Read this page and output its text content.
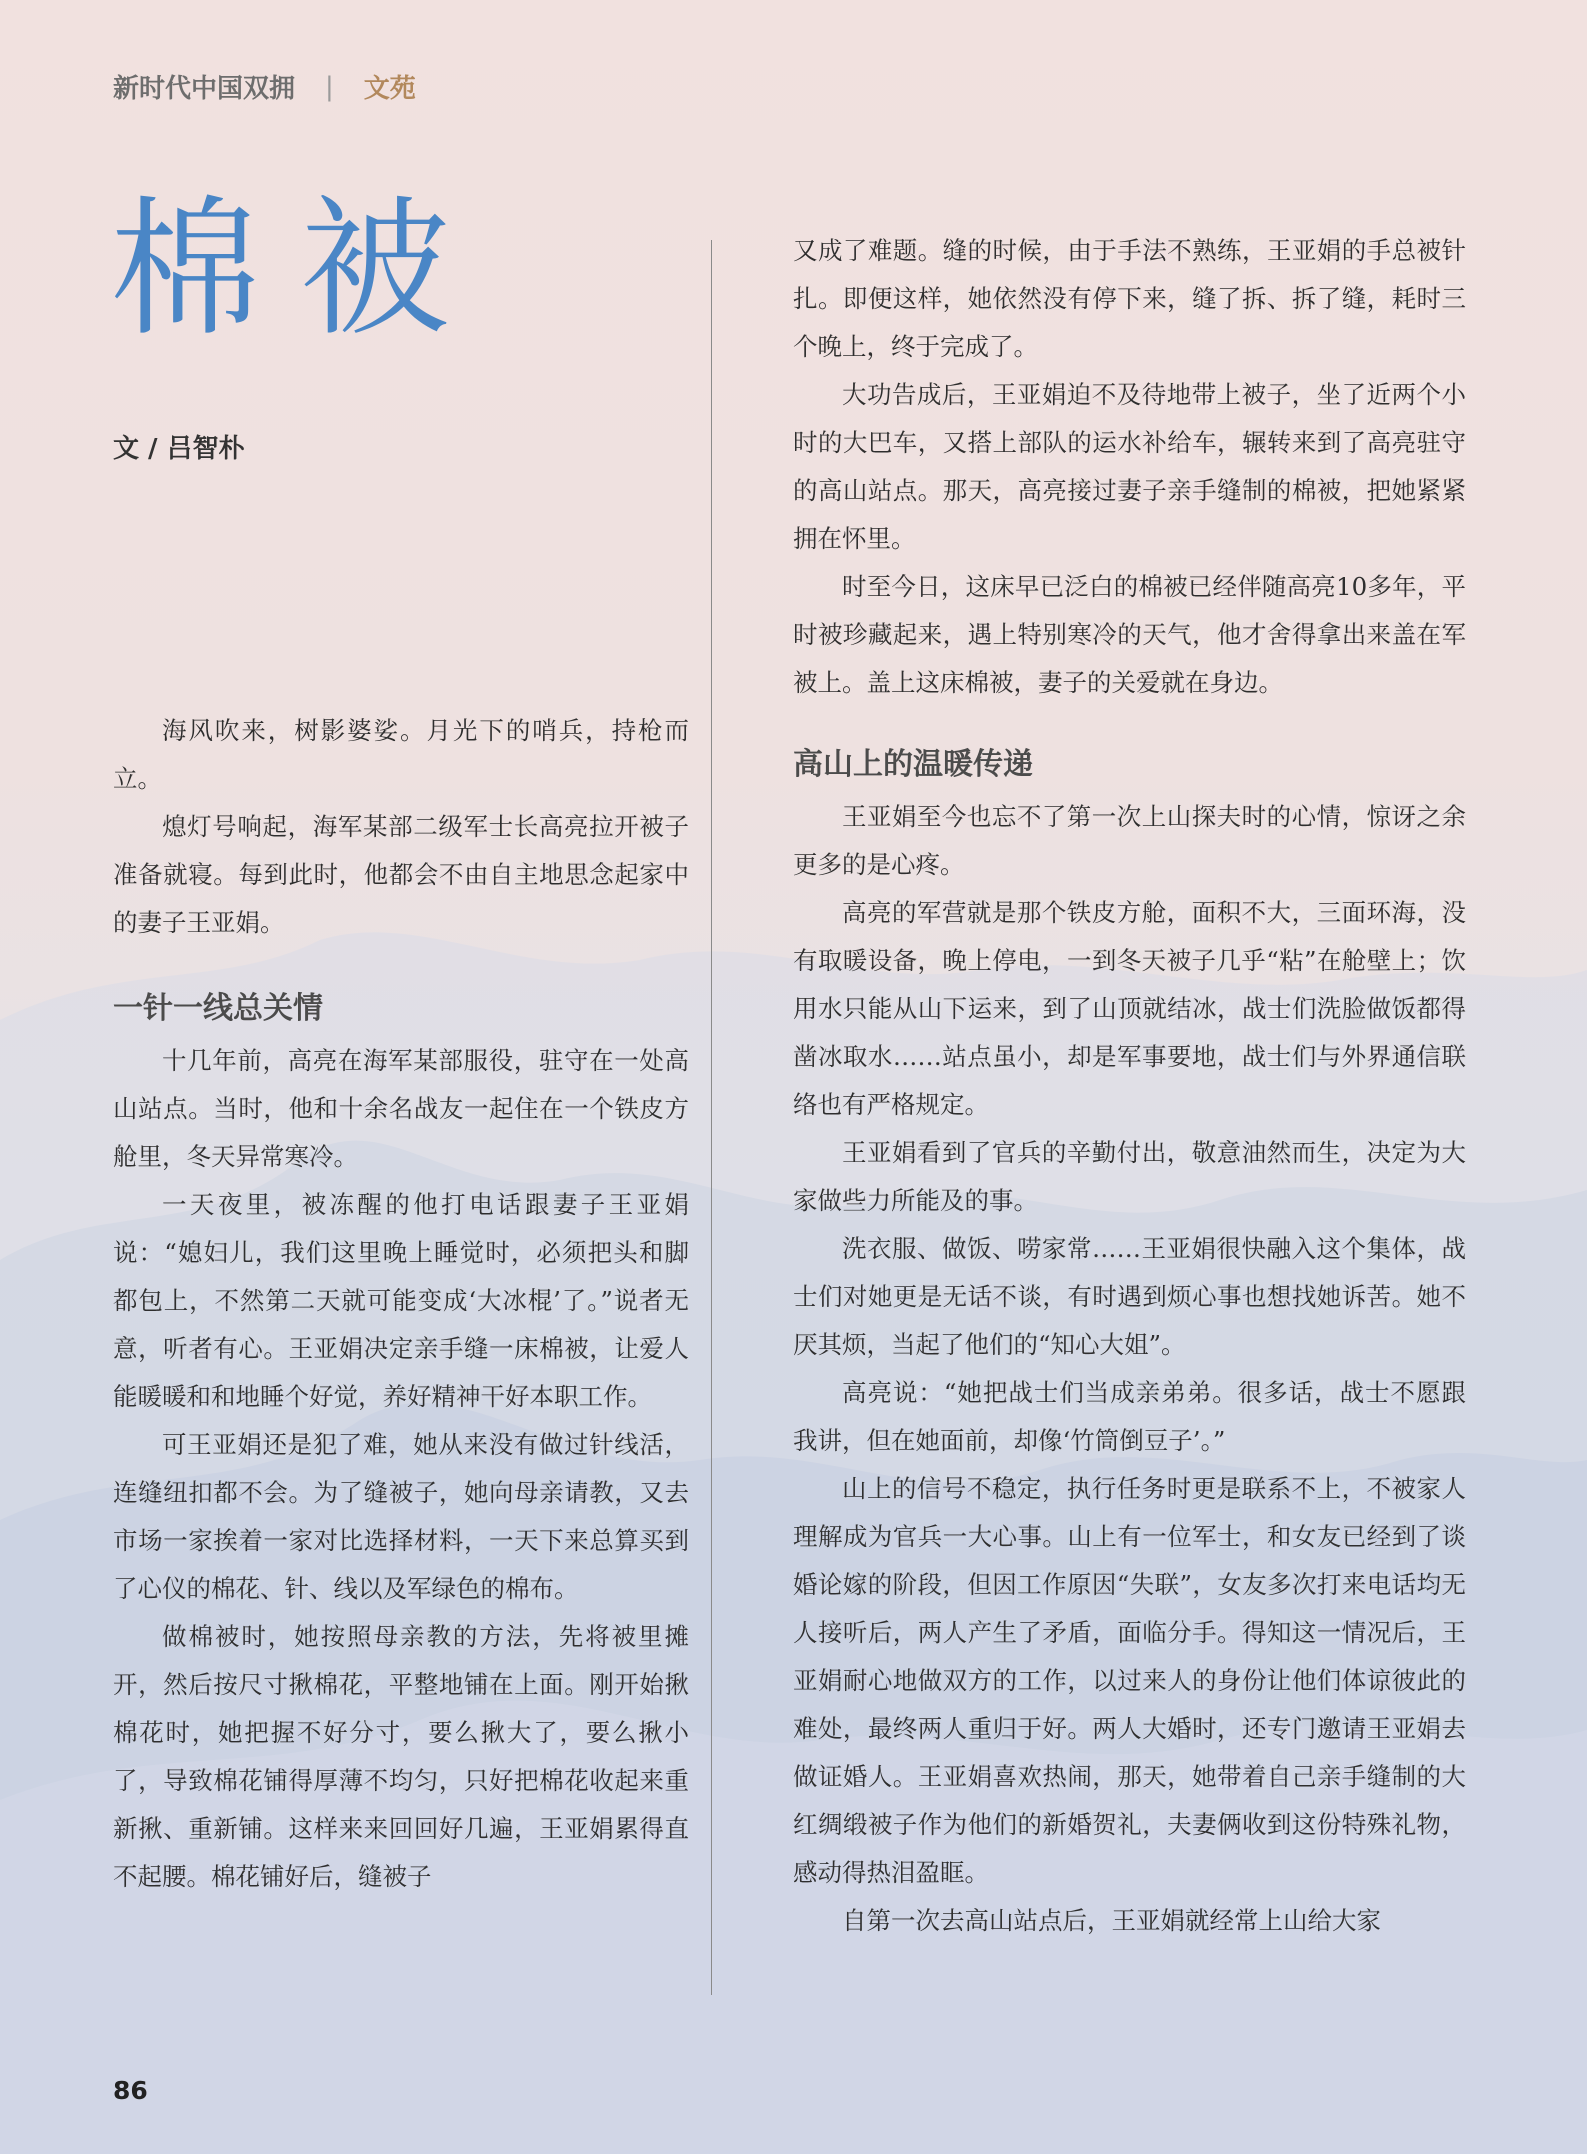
新时代中国双拥 | 文苑
棉被
文 / 吕智朴

海风吹来，树影婆娑。月光下的哨兵，持枪而立。

熄灯号响起，海军某部二级军士长高亮拉开被子准备就寝。每到此时，他都会不由自主地思念起家中的妻子王亚娟。

一针一线总关情

十几年前，高亮在海军某部服役，驻守在一处高山站点。当时，他和十余名战友一起住在一个铁皮方舱里，冬天异常寒冷。

一天夜里，被冻醒的他打电话跟妻子王亚娟说：“媳妇儿，我们这里晚上睡觉时，必须把头和脚都包上，不然第二天就可能变成‘大冰棍’了。”说者无意，听者有心。王亚娟决定亲手缝一床棉被，让爱人能暖暖和和地睡个好觉，养好精神干好本职工作。

可王亚娟还是犯了难，她从来没有做过针线活，连缝纽扣都不会。为了缝被子，她向母亲请教，又去市场一家挨着一家对比选择材料，一天下来总算买到了心仪的棉花、针、线以及军绿色的棉布。

做棉被时，她按照母亲教的方法，先将被里摊开，然后按尺寸揪棉花，平整地铺在上面。刚开始揪棉花时，她把握不好分寸，要么揪大了，要么揪小了，导致棉花铺得厚薄不均匀，只好把棉花收起来重新揪、重新铺。这样来来回回好几遍，王亚娟累得直不起腰。棉花铺好后，缝被子

又成了难题。缝的时候，由于手法不熟练，王亚娟的手总被针扎。即便这样，她依然没有停下来，缝了拆、拆了缝，耗时三个晚上，终于完成了。

大功告成后，王亚娟迫不及待地带上被子，坐了近两个小时的大巴车，又搭上部队的运水补给车，辗转来到了高亮驻守的高山站点。那天，高亮接过妻子亲手缝制的棉被，把她紧紧拥在怀里。

时至今日，这床早已泛白的棉被已经伴随高亮10多年，平时被珍藏起来，遇上特别寒冷的天气，他才舍得拿出来盖在军被上。盖上这床棉被，妻子的关爱就在身边。

高山上的温暖传递

王亚娟至今也忘不了第一次上山探夫时的心情，惊讶之余更多的是心疼。

高亮的军营就是那个铁皮方舱，面积不大，三面环海，没有取暖设备，晚上停电，一到冬天被子几乎“粘”在舱壁上；饮用水只能从山下运来，到了山顶就结冰，战士们洗脸做饭都得凿冰取水……站点虽小，却是军事要地，战士们与外界通信联络也有严格规定。

王亚娟看到了官兵的辛勤付出，敬意油然而生，决定为大家做些力所能及的事。

洗衣服、做饭、唠家常……王亚娟很快融入这个集体，战士们对她更是无话不谈，有时遇到烦心事也想找她诉苦。她不厌其烦，当起了他们的“知心大姐”。

高亮说：“她把战士们当成亲弟弟。很多话，战士不愿跟我讲，但在她面前，却像‘竹筒倒豆子’。”

山上的信号不稳定，执行任务时更是联系不上，不被家人理解成为官兵一大心事。山上有一位军士，和女友已经到了谈婚论嫁的阶段，但因工作原因“失联”，女友多次打来电话均无人接听后，两人产生了矛盾，面临分手。得知这一情况后，王亚娟耐心地做双方的工作，以过来人的身份让他们体谅彼此的难处，最终两人重归于好。两人大婚时，还专门邀请王亚娟去做证婚人。王亚娟喜欢热闹，那天，她带着自己亲手缝制的大红绸缎被子作为他们的新婚贺礼，夫妻俩收到这份特殊礼物，感动得热泪盈眶。

自第一次去高山站点后，王亚娟就经常上山给大家

86
